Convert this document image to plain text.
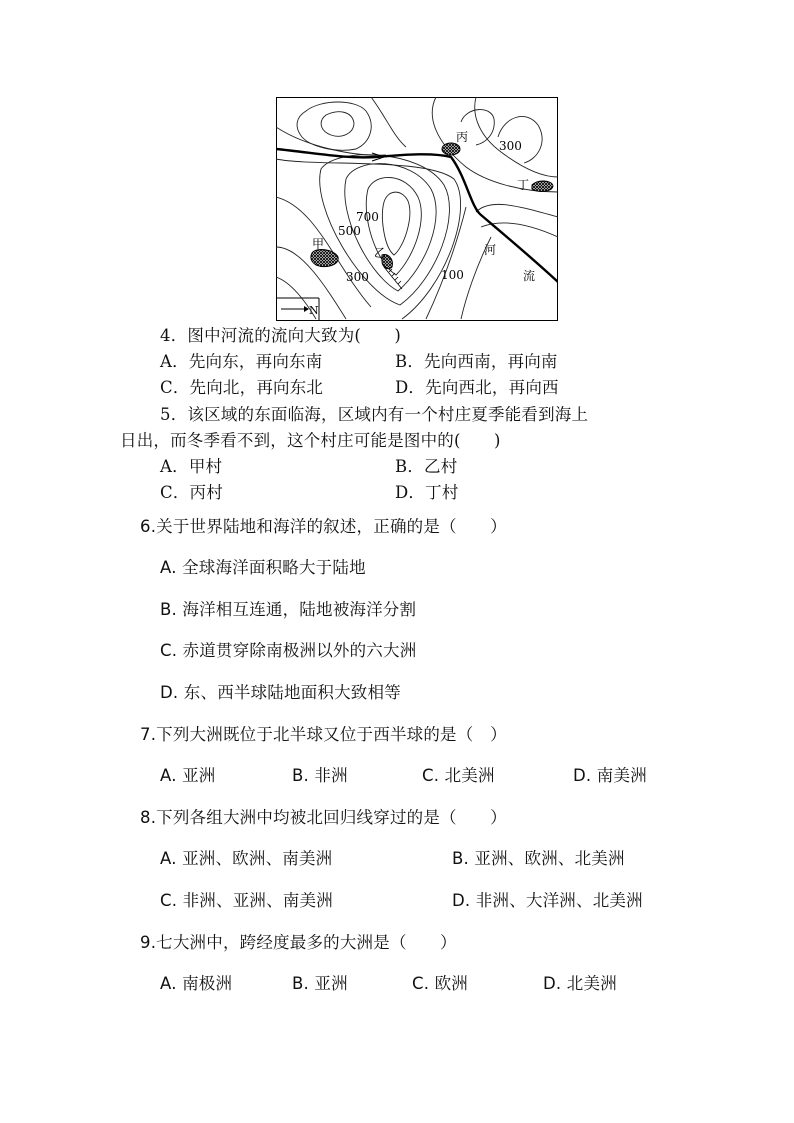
丙
300
丁
700
500
河
甲
乙
300	100	流
N
4．图中河流的流向大致为(　　)
A．先向东，再向东南	B．先向西南，再向南
C．先向北，再向东北	D．先向西北，再向西
5．该区域的东面临海，区域内有一个村庄夏季能看到海上
日出，而冬季看不到，这个村庄可能是图中的(　　)
A．甲村	B．乙村
C．丙村	D．丁村
6.关于世界陆地和海洋的叙述，正确的是（　　）
A. 全球海洋面积略大于陆地
B. 海洋相互连通，陆地被海洋分割
C. 赤道贯穿除南极洲以外的六大洲
D. 东、西半球陆地面积大致相等
7.下列大洲既位于北半球又位于西半球的是（　）
A. 亚洲	B. 非洲	C. 北美洲	D. 南美洲
8.下列各组大洲中均被北回归线穿过的是（　　）
A. 亚洲、欧洲、南美洲	B. 亚洲、欧洲、北美洲
C. 非洲、亚洲、南美洲	D. 非洲、大洋洲、北美洲
9.七大洲中，跨经度最多的大洲是（　　）
A. 南极洲	B. 亚洲	C. 欧洲	D. 北美洲
